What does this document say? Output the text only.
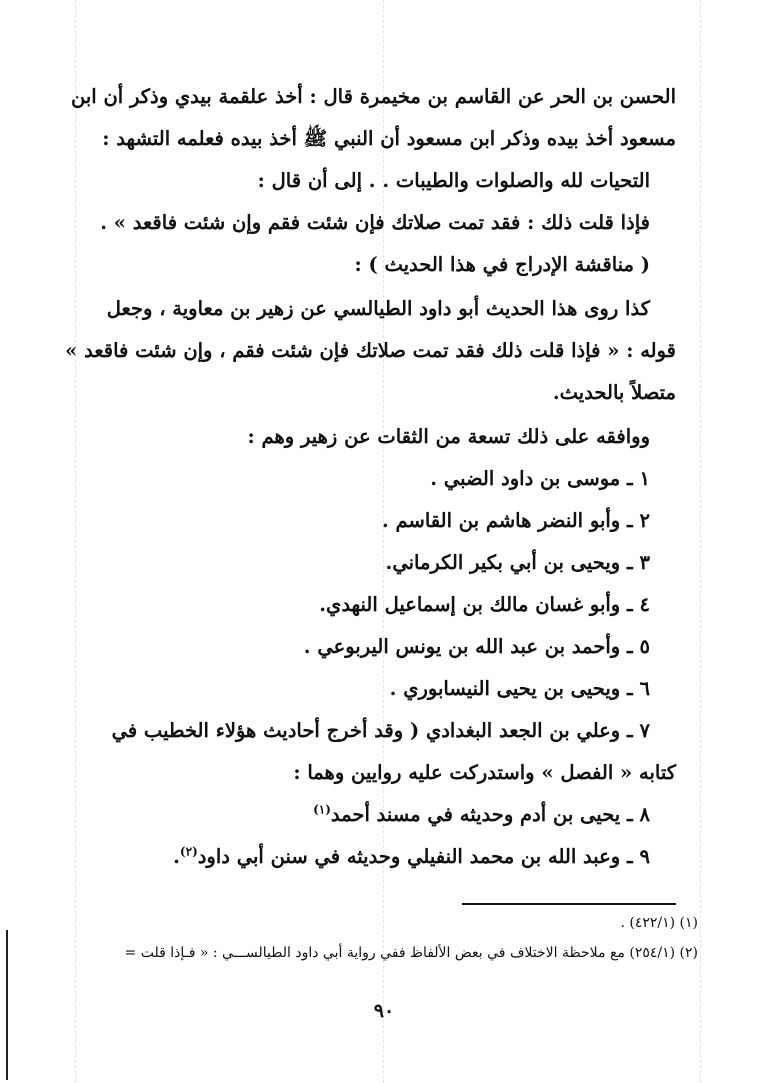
الحسن بن الحر عن القاسم بن مخيمرة قال : أخذ علقمة بيدي وذكر أن ابن

مسعود أخذ بيده وذكر ابن مسعود أن النبي ﷺ أخذ بيده فعلمه التشهد :

التحيات لله والصلوات والطيبات . . إلى أن قال :

فإذا قلت ذلك : فقد تمت صلاتك فإن شئت فقم وإن شئت فاقعد » .

( مناقشة الإدراج في هذا الحديث ) :

كذا روى هذا الحديث أبو داود الطيالسي عن زهير بن معاوية ، وجعل

قوله : « فإذا قلت ذلك فقد تمت صلاتك فإن شئت فقم ، وإن شئت فاقعد »

متصلاً بالحديث.

ووافقه على ذلك تسعة من الثقات عن زهير وهم :

١ ـ موسى بن داود الضبي .

٢ ـ وأبو النضر هاشم بن القاسم .

٣ ـ ويحيى بن أبي بكير الكرماني.

٤ ـ وأبو غسان مالك بن إسماعيل النهدي.

٥ ـ وأحمد بن عبد الله بن يونس اليربوعي .

٦ ـ ويحيى بن يحيى النيسابوري .

٧ ـ وعلي بن الجعد البغدادي ( وقد أخرج أحاديث هؤلاء الخطيب في

كتابه « الفصل » واستدركت عليه روايين وهما :

٨ ـ يحيى بن أدم وحديثه في مسند أحمد$^{(١)}$

٩ ـ وعبد الله بن محمد النفيلي وحديثه في سنن أبي داود$^{(٢)}$.

(١) (٤٢٢/١) .

(٢) (٢٥٤/١) مع ملاحظة الاختلاف في بعض الألفاظ ففي رواية أبي داود الطيالســـي : « فـإذا قلت =

٩٠
